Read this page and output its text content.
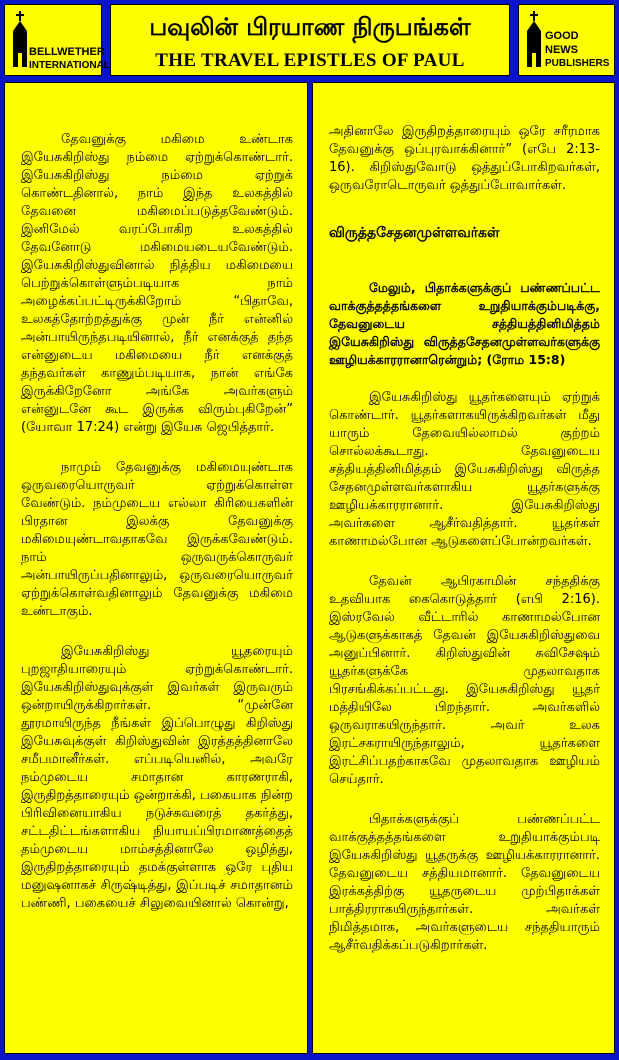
BELLWETHER
INTERNATIONAL
பவுலின் பிரயாண நிருபங்கள்
THE TRAVEL EPISTLES OF PAUL
GOOD NEWS
PUBLISHERS

தேவனுக்கு மகிமை உண்டாக இயேசுகிறிஸ்து நம்மை ஏற்றுக்கொண்டார். இயேசுகிறிஸ்து நம்மை ஏற்றுக் கொண்டதினால், நாம் இந்த உலகத்தில் தேவனை மகிமைப்படுத்தவேண்டும். இனிமேல் வரப்போகிற உலகத்தில் தேவனோடு மகிமையடையவேண்டும். இயேசுகிறிஸ்துவினால் நித்திய மகிமையை பெற்றுக்கொள்ளும்படியாக நாம் அழைக்கப்பட்டிருக்கிறோம் “பிதாவே, உலகத்தோற்றத்துக்கு முன் நீர் என்னில் அன்பாயிருந்தபடியினால், நீர் எனக்குத் தந்த என்னுடைய மகிமையை நீர் எனக்குத் தந்தவர்கள் காணும்படியாக, நான் எங்கே இருக்கிறேனோ அங்கே அவர்களும் என்னுடனே கூட இருக்க விரும்புகிறேன்” (யோவா 17:24) என்று இயேசு ஜெபித்தார்.

நாமும் தேவனுக்கு மகிமையுண்டாக ஒருவரையொருவர் ஏற்றுக்கொள்ள வேண்டும். நம்முடைய எல்லா கிரியைகளின் பிரதான இலக்கு தேவனுக்கு மகிமையுண்டாவதாகவே இருக்கவேண்டும். நாம் ஒருவருக்கொருவர் அன்பாயிருப்பதினாலும், ஒருவரையொருவர் ஏற்றுக்கொள்வதினாலும் தேவனுக்கு மகிமை உண்டாகும்.

இயேசுகிறிஸ்து யூதரையும் புறஜாதியாரையும் ஏற்றுக்கொண்டார். இயேசுகிறிஸ்துவுக்குள் இவர்கள் இருவரும் ஒன்றாயிருக்கிறார்கள். “முன்னே தூரமாயிருந்த நீங்கள் இப்பொழுது கிறிஸ்து இயேசுவுக்குள் கிறிஸ்துவின் இரத்தத்தினாலே சமீபமானீர்கள். எப்படியெனில், அவரே நம்முடைய சமாதான காரணராகி, இருதிறத்தாரையும் ஒன்றாக்கி, பகையாக நின்ற பிரிவினையாகிய நடுச்சுவரைத் தகர்த்து, சட்டதிட்டங்களாகிய நியாயப்பிரமாணத்தைத் தம்முடைய மாம்சத்தினாலே ஒழித்து, இருதிறத்தாரையும் தமக்குள்ளாக ஒரே புதிய மனுஷனாகச் சிருஷ்டித்து, இப்படிச் சமாதானம் பண்ணி, பகையைச் சிலுவையினால் கொன்று,

அதினாலே இருதிறத்தாரையும் ஒரே சரீரமாக தேவனுக்கு ஒப்புரவாக்கினார்” (எபே 2:13-16). கிறிஸ்துவோடு ஒத்துப்போகிறவர்கள், ஒருவரோடொருவர் ஒத்துப்போவார்கள்.

விருத்தசேதனமுள்ளவர்கள்
மேலும், பிதாக்களுக்குப் பண்ணப்பட்ட வாக்குத்தத்தங்களை உறுதியாக்கும்படிக்கு, தேவனுடைய சத்தியத்தினிமித்தம் இயேசுகிறிஸ்து விருத்தசேதனமுள்ளவர்களுக்கு ஊழியக்காரரானாரென்றும்; (ரோம 15:8)

இயேசுகிறிஸ்து யூதர்களையும் ஏற்றுக் கொண்டார். யூதர்களாகயிருக்கிறவர்கள் மீது யாரும் தேவையில்லாமல் குற்றம் சொல்லக்கூடாது. தேவனுடைய சத்தியத்தினிமித்தம் இயேசுகிறிஸ்து விருத்த சேதனமுள்ளவர்களாகிய யூதர்களுக்கு ஊழியக்காரரானார். இயேசுகிறிஸ்து அவர்களை ஆசீர்வதித்தார். யூதர்கள் காணாமல்போன ஆடுகளைப்போன்றவர்கள்.

தேவன் ஆபிரகாமின் சந்ததிக்கு உதவியாக கைகொடுத்தார் (எபி 2:16). இஸ்ரவேல் வீட்டாரில் காணாமல்போன ஆடுகளுக்காகத் தேவன் இயேசுகிறிஸ்துவை அனுப்பினார். கிறிஸ்துவின் சுவிசேஷம் யூதர்களுக்கே முதலாவதாக பிரசங்கிக்கப்பட்டது. இயேசுகிறிஸ்து யூதர் மத்தியிலே பிறந்தார். அவர்களில் ஒருவராகயிருந்தார். அவர் உலக இரட்சகராயிருந்தாலும், யூதர்களை இரட்சிப்பதற்காகவே முதலாவதாக ஊழியம் செய்தார்.

பிதாக்களுக்குப் பண்ணப்பட்ட வாக்குத்தத்தங்களை உறுதியாக்கும்படி இயேசுகிறிஸ்து யூதருக்கு ஊழியக்காரரானார். தேவனுடைய சத்தியமானார். தேவனுடைய இரக்கத்திற்கு யூதருடைய முற்பிதாக்கள் பாத்திரராகயிருந்தார்கள். அவர்கள் நிமித்தமாக, அவர்களுடைய சந்ததியாரும் ஆசீர்வதிக்கப்படுகிறார்கள்.
